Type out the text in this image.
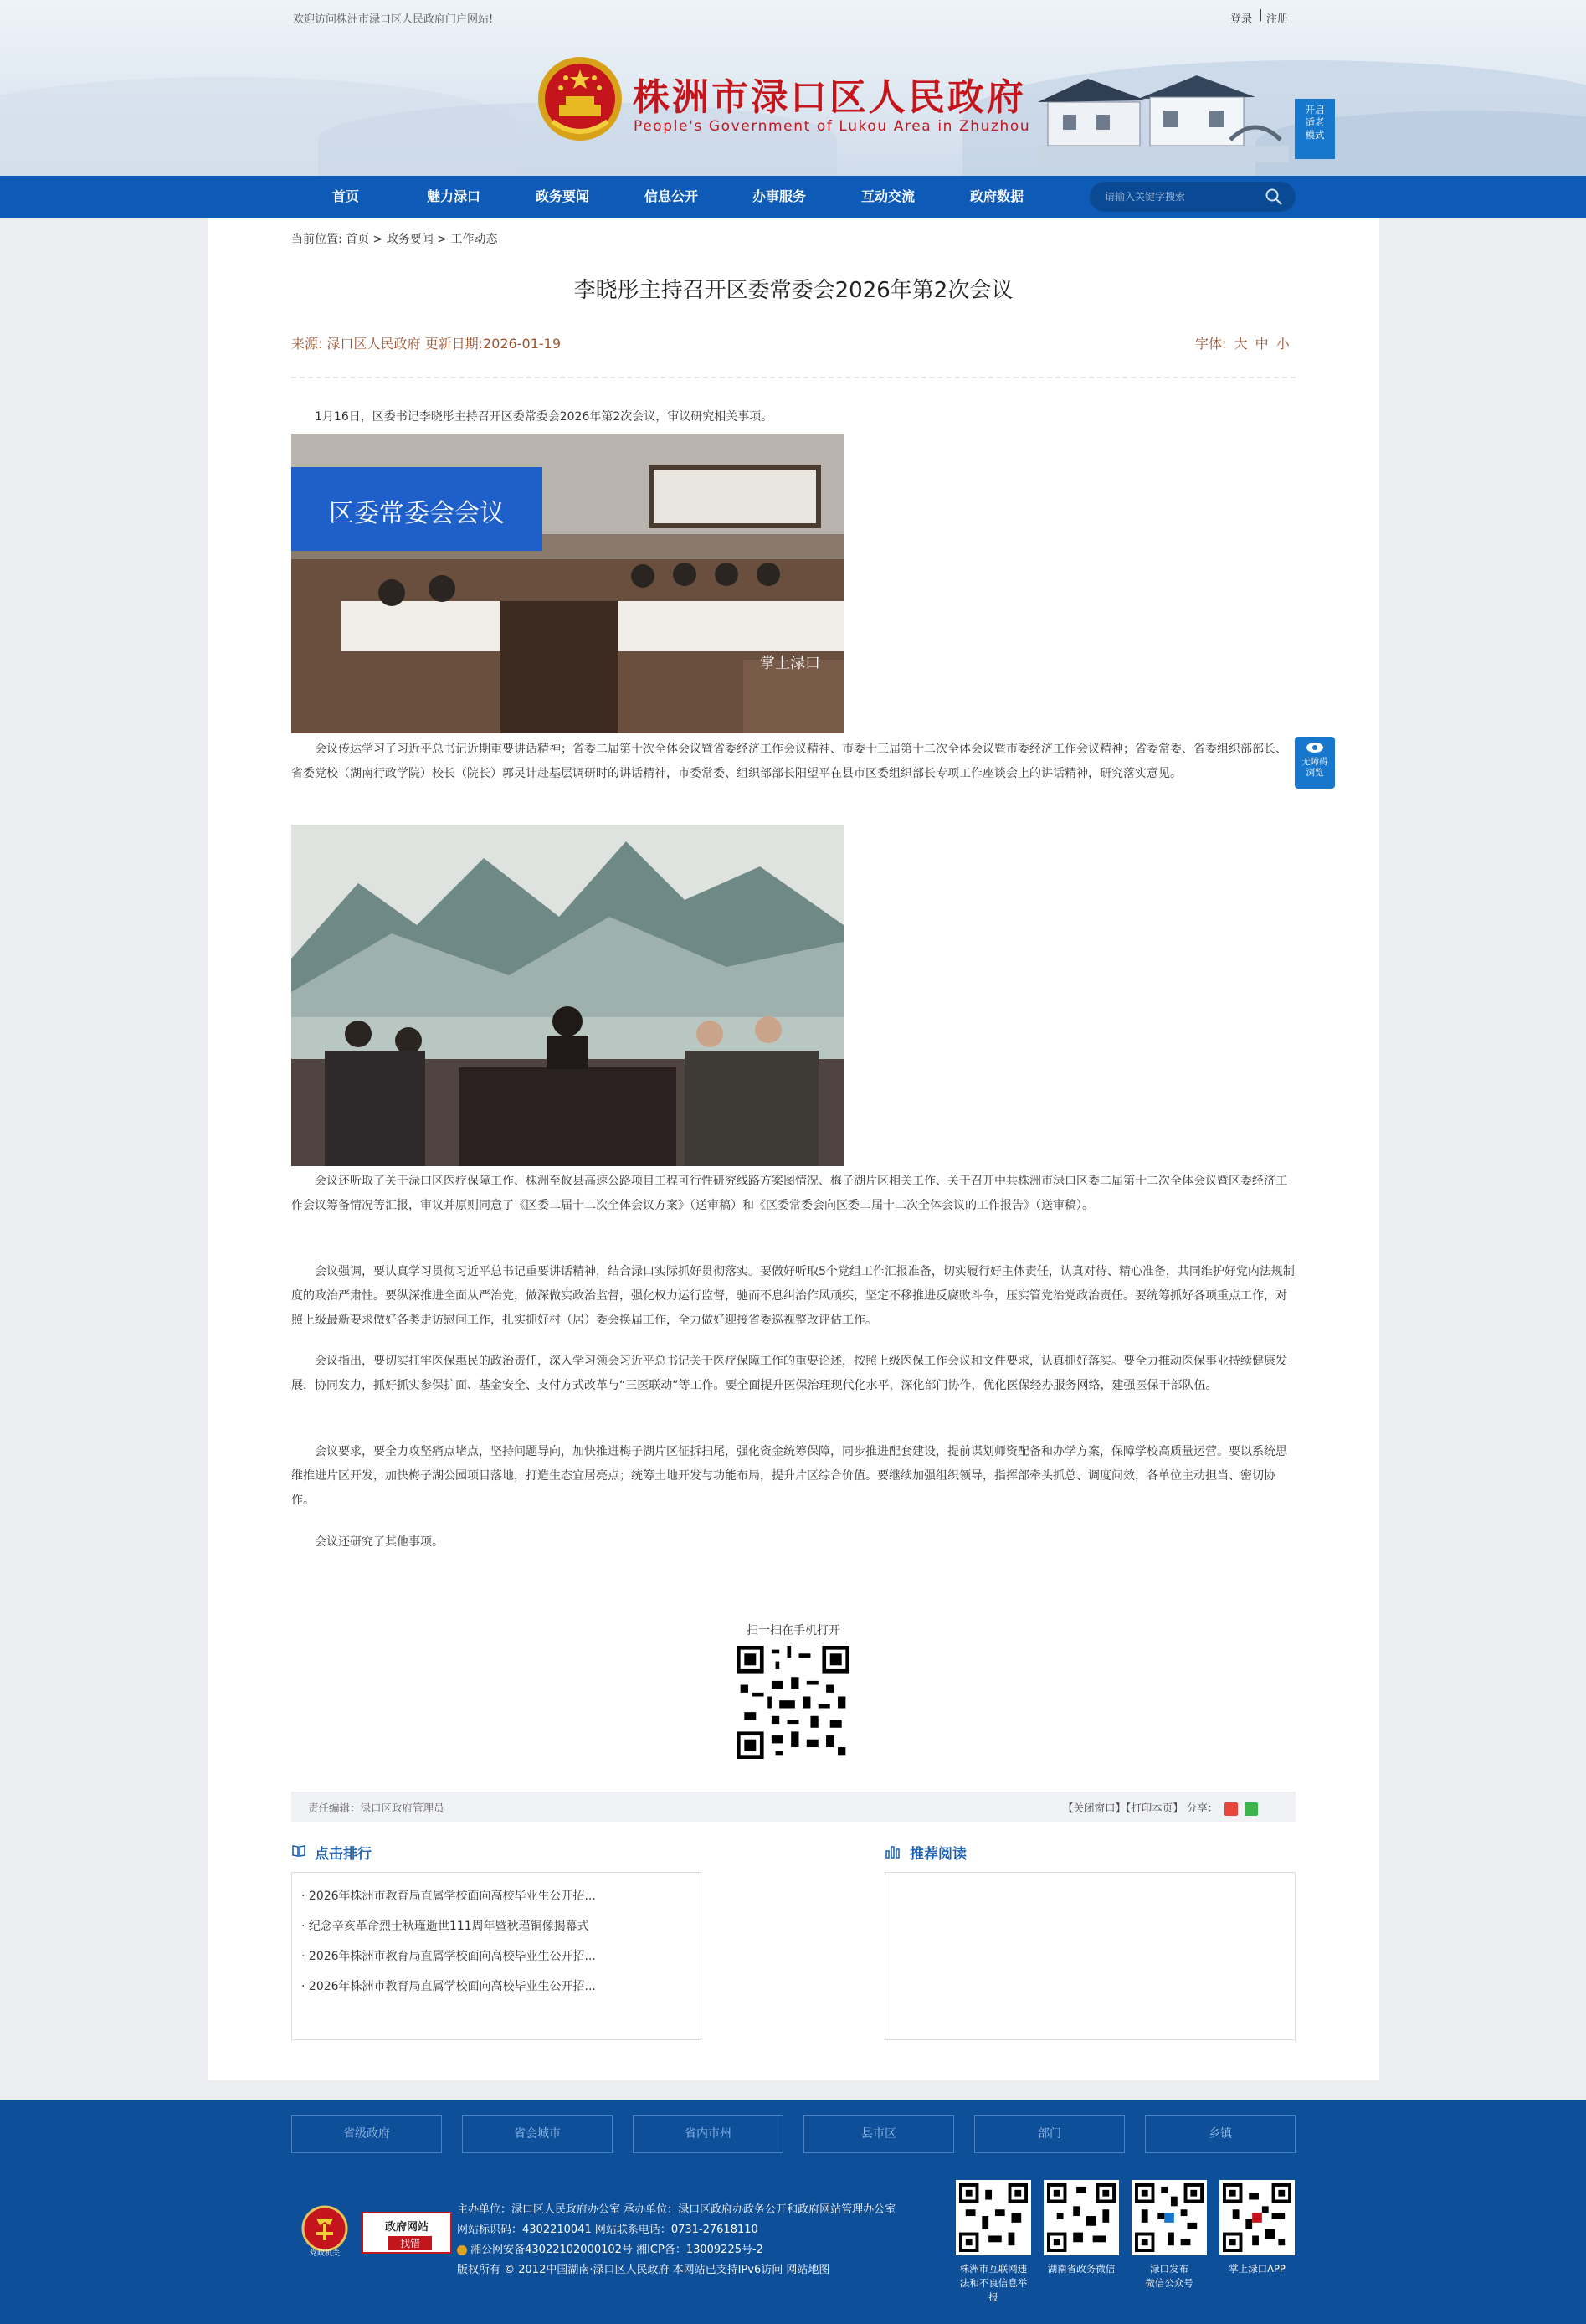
欢迎访问株洲市渌口区人民政府门户网站!	登录 | 注册
株洲市渌口区人民政府
People's Government of Lukou Area in Zhuzhou
开启
适老
模式
首页	魅力渌口	政务要闻	信息公开	办事服务	互动交流	政府数据
请输入关键字搜索
当前位置: 首页 > 政务要闻 > 工作动态
李晓彤主持召开区委常委会2026年第2次会议
来源: 渌口区人民政府 更新日期:2026-01-19	字体: 大 中 小
1月16日，区委书记李晓彤主持召开区委常委会2026年第2次会议，审议研究相关事项。
区委常委会会议
掌上渌口
会议传达学习了习近平总书记近期重要讲话精神；省委二届第十次全体会议暨省委经济工作会议精神、市委十三届第十二次全体会议暨市委经济工作会议精神；省委常委、省委组织部部长、省委党校（湖南行政学院）校长（院长）郭灵计赴基层调研时的讲话精神，市委常委、组织部部长阳望平在县市区委组织部长专项工作座谈会上的讲话精神，研究落实意见。
会议还听取了关于渌口区医疗保障工作、株洲至攸县高速公路项目工程可行性研究线路方案图情况、梅子湖片区相关工作、关于召开中共株洲市渌口区委二届第十二次全体会议暨区委经济工作会议筹备情况等汇报，审议并原则同意了《区委二届十二次全体会议方案》（送审稿）和《区委常委会向区委二届十二次全体会议的工作报告》（送审稿）。
会议强调，要认真学习贯彻习近平总书记重要讲话精神，结合渌口实际抓好贯彻落实。要做好听取5个党组工作汇报准备，切实履行好主体责任，认真对待、精心准备，共同维护好党内法规制度的政治严肃性。要纵深推进全面从严治党，做深做实政治监督，强化权力运行监督，驰而不息纠治作风顽疾，坚定不移推进反腐败斗争，压实管党治党政治责任。要统筹抓好各项重点工作，对照上级最新要求做好各类走访慰问工作，扎实抓好村（居）委会换届工作，全力做好迎接省委巡视整改评估工作。
会议指出，要切实扛牢医保惠民的政治责任，深入学习领会习近平总书记关于医疗保障工作的重要论述，按照上级医保工作会议和文件要求，认真抓好落实。要全力推动医保事业持续健康发展，协同发力，抓好抓实参保扩面、基金安全、支付方式改革与“三医联动”等工作。要全面提升医保治理现代化水平，深化部门协作，优化医保经办服务网络，建强医保干部队伍。
会议要求，要全力攻坚痛点堵点，坚持问题导向，加快推进梅子湖片区征拆扫尾，强化资金统筹保障，同步推进配套建设，提前谋划师资配备和办学方案，保障学校高质量运营。要以系统思维推进片区开发，加快梅子湖公园项目落地，打造生态宜居亮点；统筹土地开发与功能布局，提升片区综合价值。要继续加强组织领导，指挥部牵头抓总、调度问效，各单位主动担当、密切协作。
会议还研究了其他事项。
扫一扫在手机打开
责任编辑：渌口区政府管理员	【关闭窗口】【打印本页】 分享：
点击排行
· 2026年株洲市教育局直属学校面向高校毕业生公开招...
· 纪念辛亥革命烈士秋瑾逝世111周年暨秋瑾铜像揭幕式
· 2026年株洲市教育局直属学校面向高校毕业生公开招...
· 2026年株洲市教育局直属学校面向高校毕业生公开招...
推荐阅读
无障碍
浏览
省级政府	省会城市	省内市州	县市区	部门	乡镇
党政机关
政府网站
找错
主办单位：渌口区人民政府办公室 承办单位：渌口区政府办政务公开和政府网站管理办公室
网站标识码：4302210041 网站联系电话：0731-27618110
湘公网安备43022102000102号 湘ICP备：13009225号-2
版权所有 © 2012中国湖南·渌口区人民政府 本网站已支持IPv6访问 网站地图	株洲市互联网违
法和不良信息举
报
湖南省政务微信	渌口发布
微信公众号
掌上渌口APP
